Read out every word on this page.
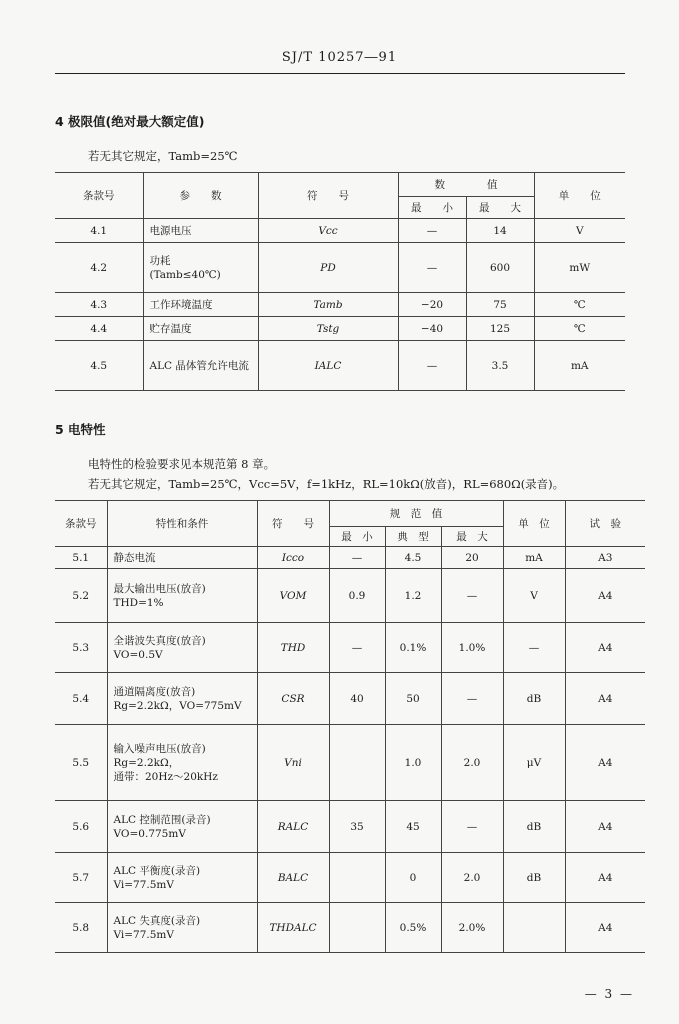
SJ/T 10257―91
4 极限值(绝对最大额定值)
若无其它规定，Tamb=25℃
条款号	参　　数	符　　号	数　　　　值		单　　位
			最　　小	最　　大	
4.1	电源电压	Vcc	—	14	V
4.2	功耗
(Tamb≤40℃)	PD	—	600	mW
4.3	工作环境温度	Tamb	−20	75	℃
4.4	贮存温度	Tstg	−40	125	℃
4.5	ALC 晶体管允许电流	IALC	—	3.5	mA
5 电特性
电特性的检验要求见本规范第 8 章。
若无其它规定，Tamb=25℃，Vcc=5V，f=1kHz，RL=10kΩ(放音)，RL=680Ω(录音)。
条款号	特性和条件	符　　号	规　范　值			单　位	试　验
			最　小	典　型	最　大		
5.1	静态电流	Icco	—	4.5	20	mA	A3
5.2	最大输出电压(放音)
THD=1%	VOM	0.9	1.2	—	V	A4
5.3	全谐波失真度(放音)
VO=0.5V	THD	—	0.1%	1.0%	—	A4
5.4	通道隔离度(放音)
Rg=2.2kΩ，VO=775mV	CSR	40	50	—	dB	A4
5.5	输入噪声电压(放音)
Rg=2.2kΩ，
通带：20Hz～20kHz	Vni		1.0	2.0	μV	A4
5.6	ALC 控制范围(录音)
VO=0.775mV	RALC	35	45	—	dB	A4
5.7	ALC 平衡度(录音)
Vi=77.5mV	BALC		0	2.0	dB	A4
5.8	ALC 失真度(录音)
Vi=77.5mV	THDALC		0.5%	2.0%		A4
— 3 —
